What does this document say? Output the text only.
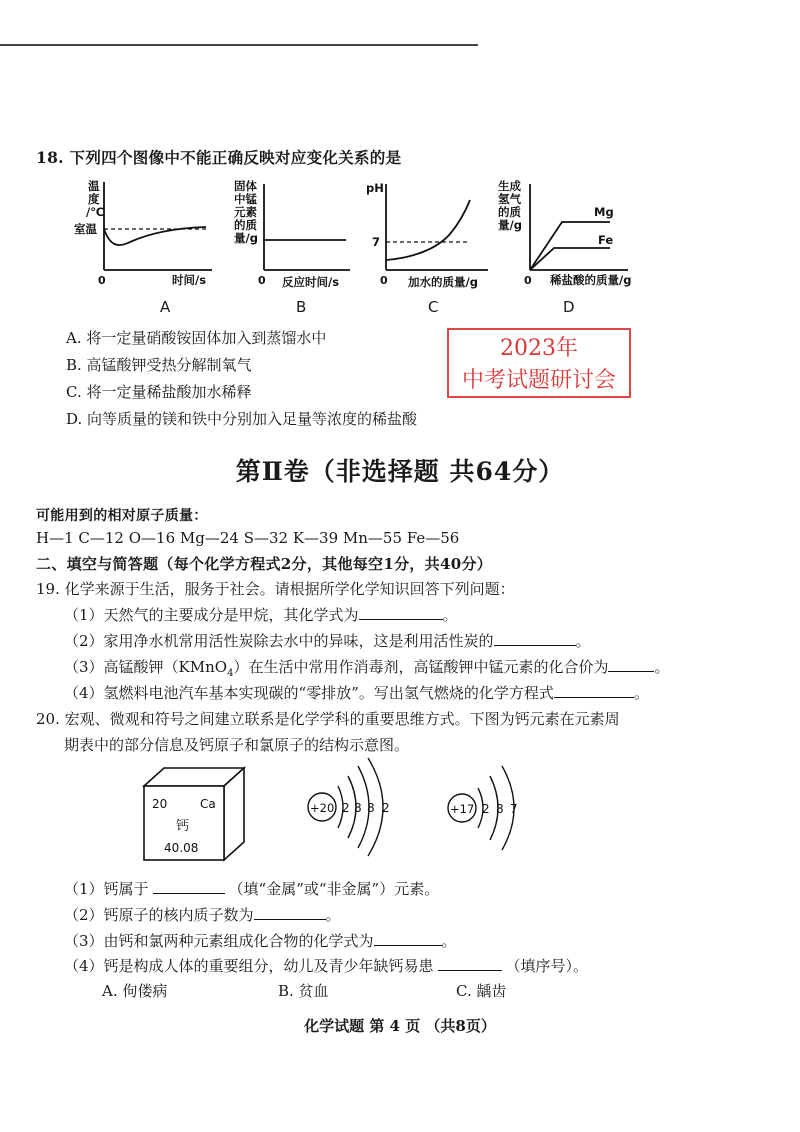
18. 下列四个图像中不能正确反映对应变化关系的是
温
度
/℃
室温
0	时间/s
A
固体
中锰
元素
的质
量/g
0 反应时间/s
B
pH
7
0 加水的质量/g
C
生成
氢气
的质
量/g
Mg
Fe
0 稀盐酸的质量/g
D
A. 将一定量硝酸铵固体加入到蒸馏水中
B. 高锰酸钾受热分解制氧气
C. 将一定量稀盐酸加水稀释
D. 向等质量的镁和铁中分别加入足量等浓度的稀盐酸
2023年
中考试题研讨会
第Ⅱ卷（非选择题 共64分）
可能用到的相对原子质量：
H—1 C—12 O—16 Mg—24 S—32 K—39 Mn—55 Fe—56
二、填空与简答题（每个化学方程式2分，其他每空1分，共40分）
19. 化学来源于生活，服务于社会。请根据所学化学知识回答下列问题：
（1）天然气的主要成分是甲烷，其化学式为	。
（2）家用净水机常用活性炭除去水中的异味，这是利用活性炭的	。
（3）高锰酸钾（KMnO$_4$）在生活中常用作消毒剂，高锰酸钾中锰元素的化合价为	。
（4）氢燃料电池汽车基本实现碳的“零排放”。写出氢气燃烧的化学方程式	。
20. 宏观、微观和符号之间建立联系是化学学科的重要思维方式。下图为钙元素在元素周
期表中的部分信息及钙原子和氯原子的结构示意图。
20	Ca
钙
40.08
+20 2 8 8 2	+17 2 8 7
（1）钙属于	（填“金属”或“非金属”）元素。
（2）钙原子的核内质子数为	。
（3）由钙和氯两种元素组成化合物的化学式为	。
（4）钙是构成人体的重要组分，幼儿及青少年缺钙易患	（填序号）。
A. 佝偻病	B. 贫血	C. 龋齿
化学试题 第 4 页 （共8页）
